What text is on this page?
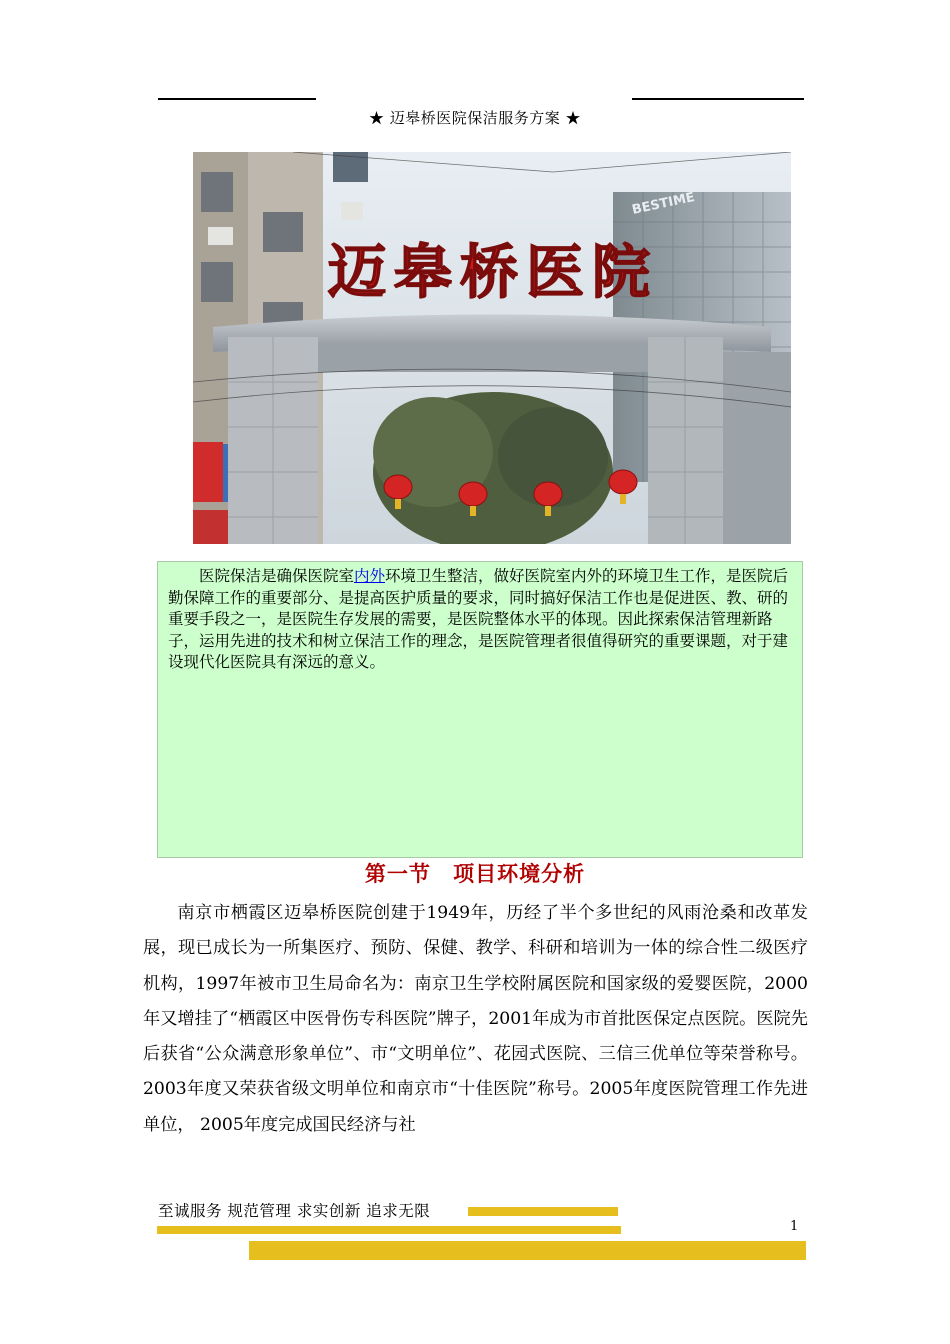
★ 迈皋桥医院保洁服务方案 ★
BESTIME
迈皋桥医院
医院保洁是确保医院室内外环境卫生整洁，做好医院室内外的环境卫生工作，是医院后勤保障工作的重要部分、是提高医护质量的要求，同时搞好保洁工作也是促进医、教、研的重要手段之一，是医院生存发展的需要，是医院整体水平的体现。因此探索保洁管理新路子，运用先进的技术和树立保洁工作的理念，是医院管理者很值得研究的重要课题，对于建设现代化医院具有深远的意义。
第一节 项目环境分析
南京市栖霞区迈皋桥医院创建于1949年，历经了半个多世纪的风雨沧桑和改革发展，现已成长为一所集医疗、预防、保健、教学、科研和培训为一体的综合性二级医疗机构，1997年被市卫生局命名为：南京卫生学校附属医院和国家级的爱婴医院，2000年又增挂了“栖霞区中医骨伤专科医院”牌子，2001年成为市首批医保定点医院。医院先后获省“公众满意形象单位”、市“文明单位”、花园式医院、三信三优单位等荣誉称号。2003年度又荣获省级文明单位和南京市“十佳医院”称号。2005年度医院管理工作先进单位， 2005年度完成国民经济与社
至诚服务 规范管理 求实创新 追求无限
1
